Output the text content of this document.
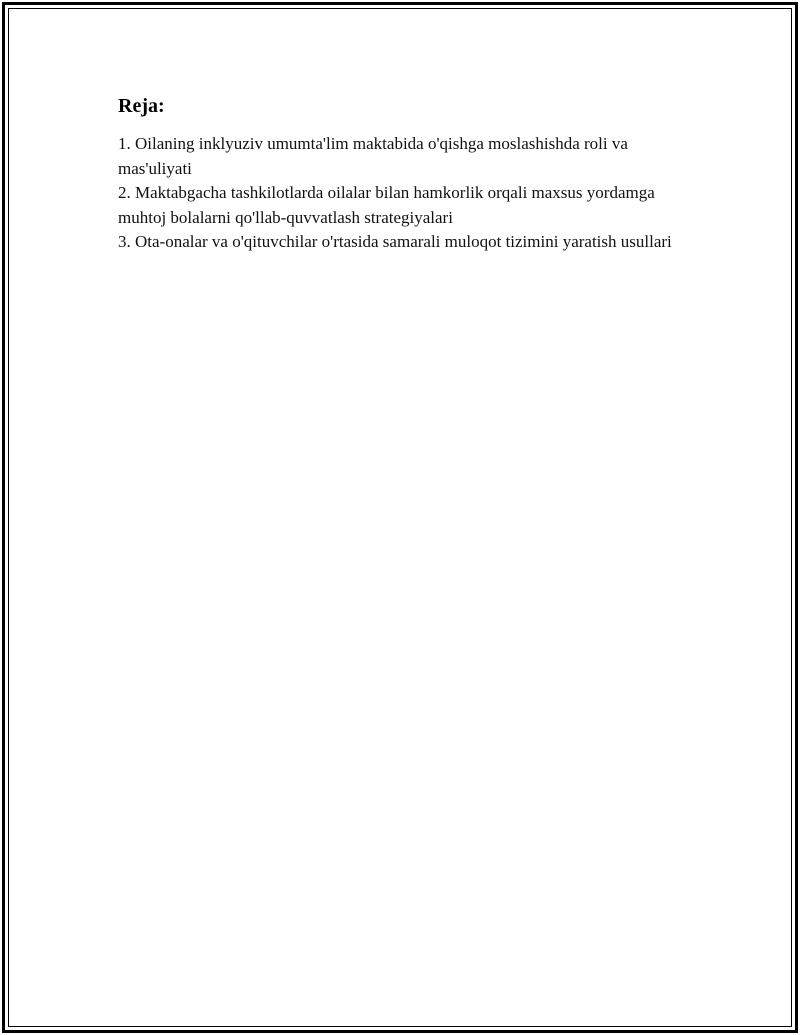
Reja:
1. Oilaning inklyuziv umumta'lim maktabida o'qishga moslashishda roli va mas'uliyati
2. Maktabgacha tashkilotlarda oilalar bilan hamkorlik orqali maxsus yordamga muhtoj bolalarni qo'llab-quvvatlash strategiyalari
3. Ota-onalar va o'qituvchilar o'rtasida samarali muloqot tizimini yaratish usullari
